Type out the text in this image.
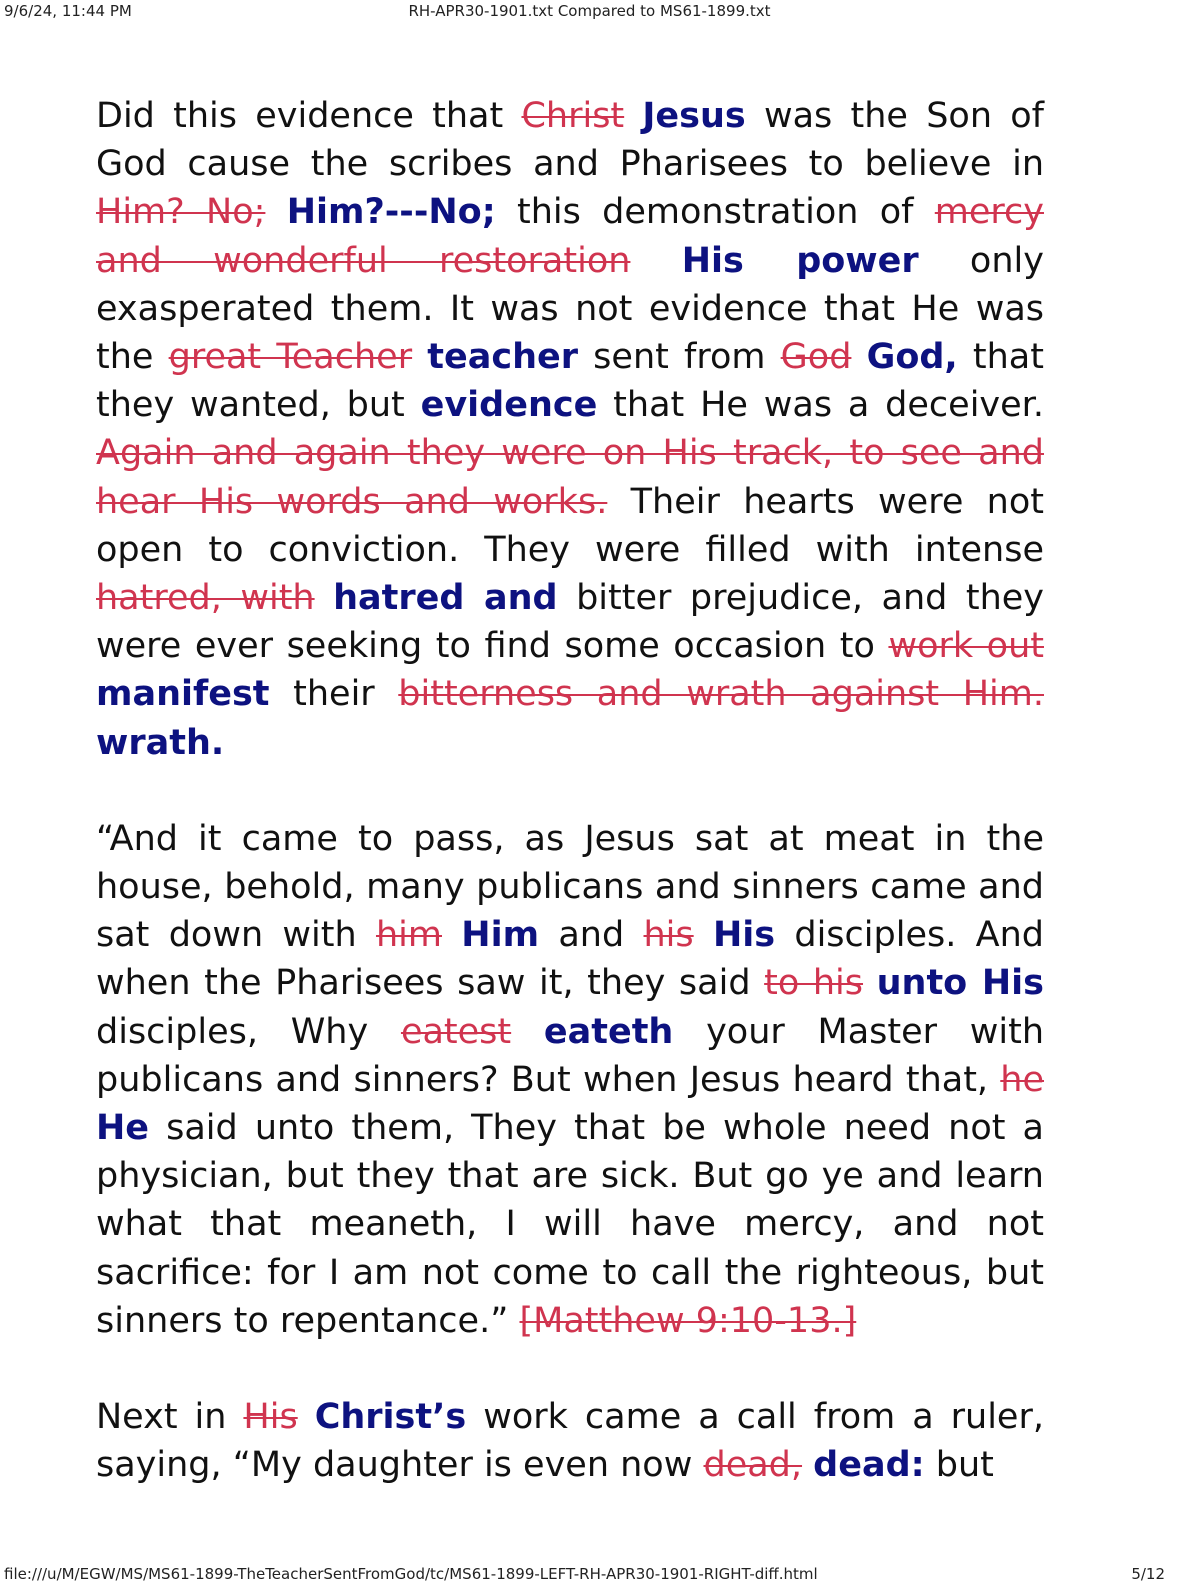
9/6/24, 11:44 PM	RH-APR30-1901.txt Compared to MS61-1899.txt

Did this evidence that Christ Jesus was the Son of God cause the scribes and Pharisees to believe in Him? No; Him?---No; this demonstration of mercy and wonderful restoration His power only exasperated them. It was not evidence that He was the great Teacher teacher sent from God God, that they wanted, but evidence that He was a deceiver. Again and again they were on His track, to see and hear His words and works. Their hearts were not open to conviction. They were filled with intense hatred, with hatred and bitter prejudice, and they were ever seeking to find some occasion to work out manifest their bitterness and wrath against Him. wrath.

“And it came to pass, as Jesus sat at meat in the house, behold, many publicans and sinners came and sat down with him Him and his His disciples. And when the Pharisees saw it, they said to his unto His disciples, Why eatest eateth your Master with publicans and sinners? But when Jesus heard that, he He said unto them, They that be whole need not a physician, but they that are sick. But go ye and learn what that meaneth, I will have mercy, and not sacrifice: for I am not come to call the righteous, but sinners to repentance.” [Matthew 9:10-13.]

Next in His Christ’s work came a call from a ruler, saying, “My daughter is even now dead, dead: but

file:///u/M/EGW/MS/MS61-1899-TheTeacherSentFromGod/tc/MS61-1899-LEFT-RH-APR30-1901-RIGHT-diff.html	5/12
